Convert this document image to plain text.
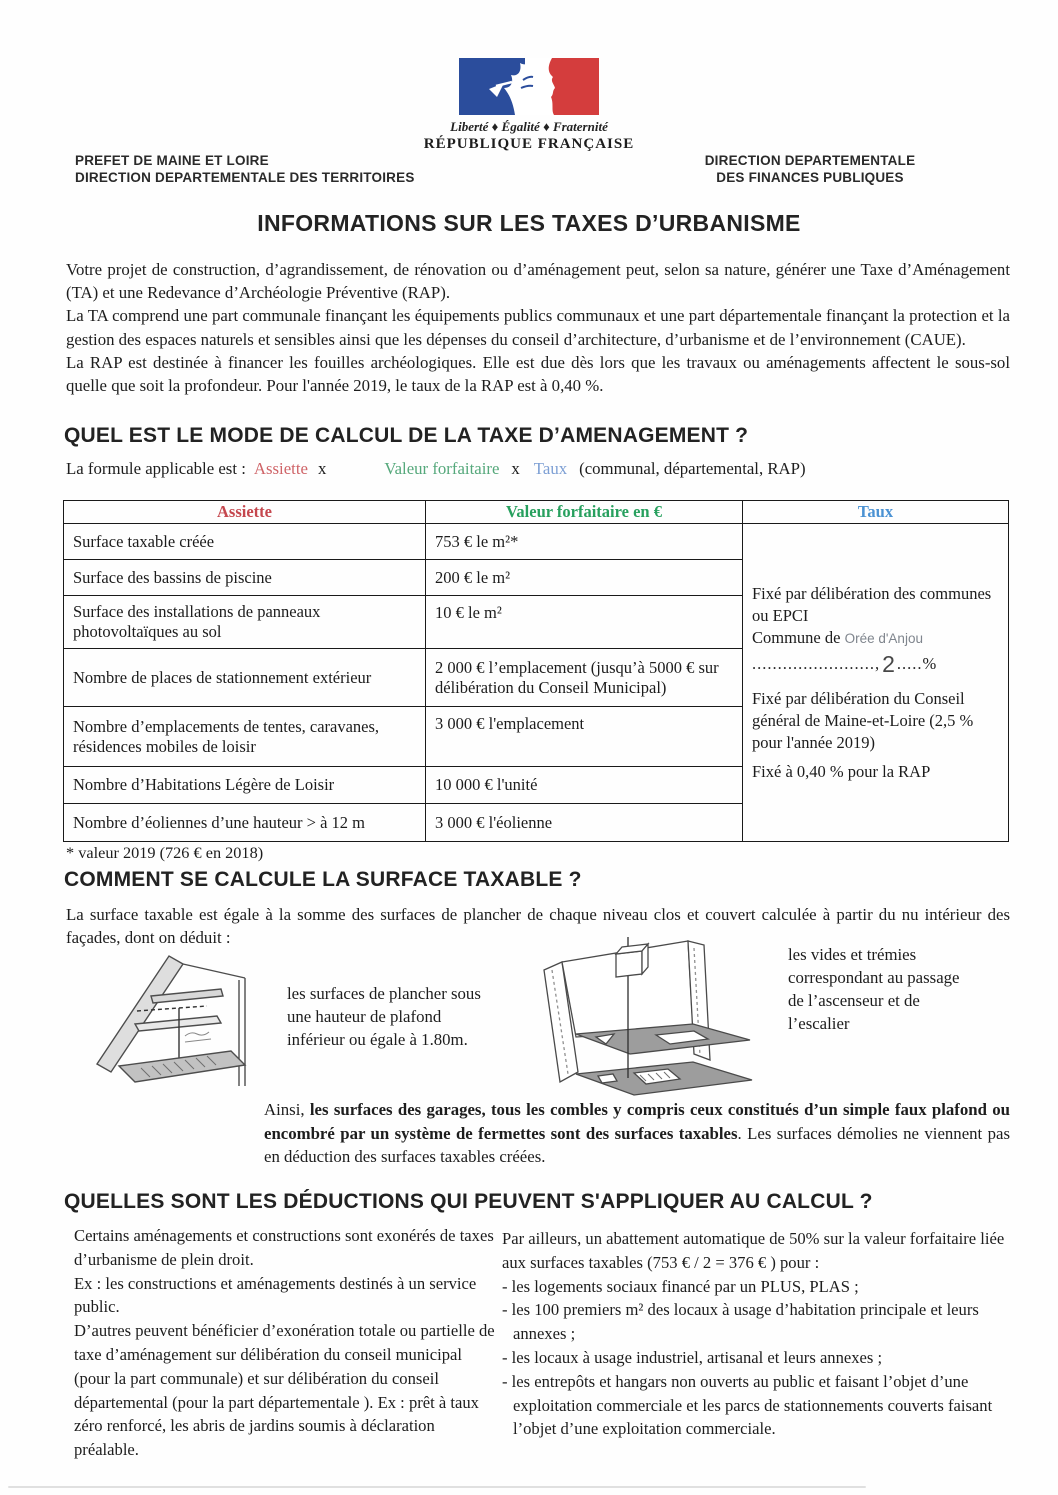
Liberté ♦ Égalité ♦ Fraternité
RÉPUBLIQUE FRANÇAISE
PREFET DE MAINE ET LOIRE
DIRECTION DEPARTEMENTALE DES TERRITOIRES
DIRECTION DEPARTEMENTALE
DES FINANCES PUBLIQUES
INFORMATIONS SUR LES TAXES D’URBANISME
Votre projet de construction, d’agrandissement, de rénovation ou d’aménagement peut, selon sa nature, générer une Taxe d’Aménagement (TA) et une Redevance d’Archéologie Préventive (RAP).
La TA comprend une part communale finançant les équipements publics communaux et une part départementale finançant la protection et la gestion des espaces naturels et sensibles ainsi que les dépenses du conseil d’architecture, d’urbanisme et de l’environnement (CAUE).
La RAP est destinée à financer les fouilles archéologiques. Elle est due dès lors que les travaux ou aménagements affectent le sous-sol quelle que soit la profondeur. Pour l'année 2019, le taux de la RAP est à 0,40 %.
QUEL EST LE MODE DE CALCUL DE LA TAXE D’AMENAGEMENT ?
La formule applicable est : Assiette x	Valeur forfaitaire x Taux (communal, départemental, RAP)
Assiette	Valeur forfaitaire en €	Taux
Surface taxable créée	753 € le m²*	Fixé par délibération des communes ou EPCI
Commune de Orée d'Anjou
........................,2 .....%
Fixé par délibération du Conseil général de Maine-et-Loire (2,5 % pour l'année 2019)
Fixé à 0,40 % pour la RAP

Surface des bassins de piscine	200 € le m²	
Surface des installations de panneaux photovoltaïques au sol	10 € le m²	
Nombre de places de stationnement extérieur	2 000 € l’emplacement (jusqu’à 5000 € sur délibération du Conseil Municipal)	
Nombre d’emplacements de tentes, caravanes, résidences mobiles de loisir	3 000 € l'emplacement	
Nombre d’Habitations Légère de Loisir	10 000 € l'unité	
Nombre d’éoliennes d’une hauteur > à 12 m	3 000 € l'éolienne	
* valeur 2019 (726 € en 2018)
COMMENT SE CALCULE LA SURFACE TAXABLE ?
La surface taxable est égale à la somme des surfaces de plancher de chaque niveau clos et couvert calculée à partir du nu intérieur des façades, dont on déduit :
les surfaces de plancher sous une hauteur de plafond inférieur ou égale à 1.80m.
les vides et trémies correspondant au passage de l’ascenseur et de l’escalier
Ainsi, les surfaces des garages, tous les combles y compris ceux constitués d’un simple faux plafond ou encombré par un système de fermettes sont des surfaces taxables. Les surfaces démolies ne viennent pas en déduction des surfaces taxables créées.
QUELLES SONT LES DÉDUCTIONS QUI PEUVENT S'APPLIQUER AU CALCUL ?
Certains aménagements et constructions sont exonérés de taxes d’urbanisme de plein droit.
Ex : les constructions et aménagements destinés à un service public.
D’autres peuvent bénéficier d’exonération totale ou partielle de taxe d’aménagement sur délibération du conseil municipal (pour la part communale) et sur délibération du conseil départemental (pour la part départementale ). Ex : prêt à taux zéro renforcé, les abris de jardins soumis à déclaration préalable.
Par ailleurs, un abattement automatique de 50% sur la valeur forfaitaire liée aux surfaces taxables (753 € / 2 = 376 € ) pour :
- les logements sociaux financé par un PLUS, PLAS ;
- les 100 premiers m² des locaux à usage d’habitation principale et leurs annexes ;
- les locaux à usage industriel, artisanal et leurs annexes ;
- les entrepôts et hangars non ouverts au public et faisant l’objet d’une exploitation commerciale et les parcs de stationnements couverts faisant l’objet d’une exploitation commerciale.
